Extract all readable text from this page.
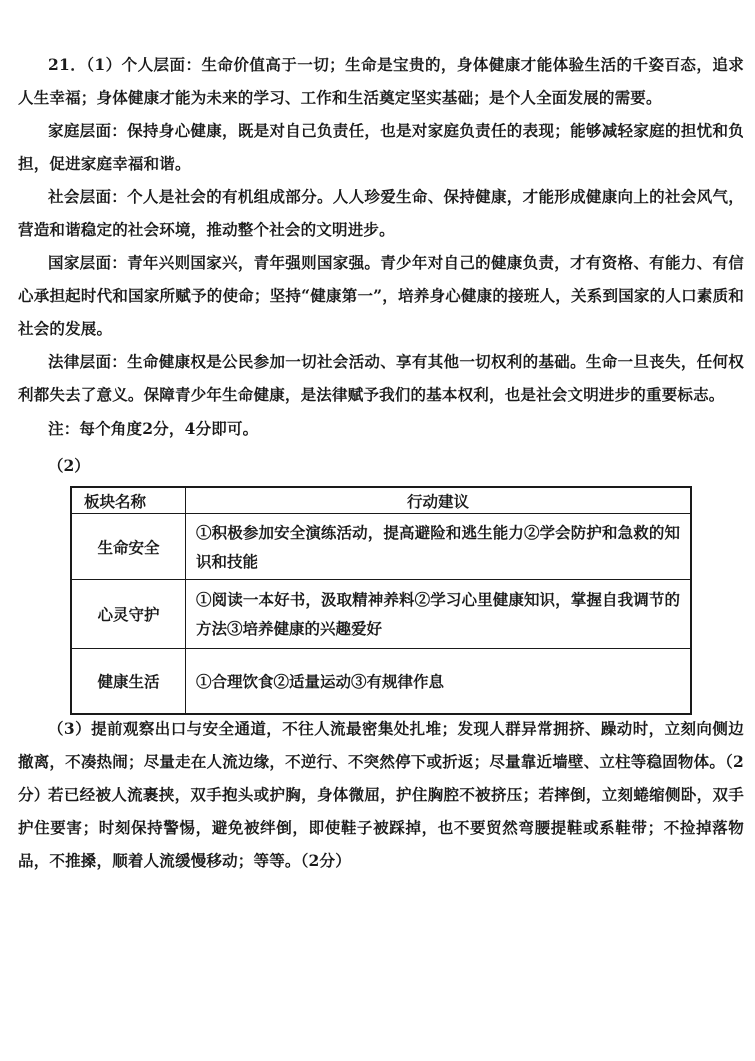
21．（1）个人层面：生命价值高于一切；生命是宝贵的，身体健康才能体验生活的千姿百态，追求人生幸福；身体健康才能为未来的学习、工作和生活奠定坚实基础；是个人全面发展的需要。

家庭层面：保持身心健康，既是对自己负责任，也是对家庭负责任的表现；能够减轻家庭的担忧和负担，促进家庭幸福和谐。

社会层面：个人是社会的有机组成部分。人人珍爱生命、保持健康，才能形成健康向上的社会风气，营造和谐稳定的社会环境，推动整个社会的文明进步。

国家层面：青年兴则国家兴，青年强则国家强。青少年对自己的健康负责，才有资格、有能力、有信心承担起时代和国家所赋予的使命；坚持“健康第一”，培养身心健康的接班人，关系到国家的人口素质和社会的发展。

法律层面：生命健康权是公民参加一切社会活动、享有其他一切权利的基础。生命一旦丧失，任何权利都失去了意义。保障青少年生命健康，是法律赋予我们的基本权利，也是社会文明进步的重要标志。

注：每个角度2分，4分即可。

（2）

板块名称	行动建议
生命安全	①积极参加安全演练活动，提高避险和逃生能力②学会防护和急救的知识和技能
心灵守护	①阅读一本好书，汲取精神养料②学习心里健康知识，掌握自我调节的方法③培养健康的兴趣爱好
健康生活	①合理饮食②适量运动③有规律作息

（3）提前观察出口与安全通道，不往人流最密集处扎堆；发现人群异常拥挤、躁动时，立刻向侧边撤离，不凑热闹；尽量走在人流边缘，不逆行、不突然停下或折返；尽量靠近墙壁、立柱等稳固物体。（2分）

若已经被人流裹挟，双手抱头或护胸，身体微屈，护住胸腔不被挤压；若摔倒，立刻蜷缩侧卧，双手护住要害；时刻保持警惕，避免被绊倒，即使鞋子被踩掉，也不要贸然弯腰提鞋或系鞋带；不捡掉落物品，不推搡，顺着人流缓慢移动；等等。（2分）
